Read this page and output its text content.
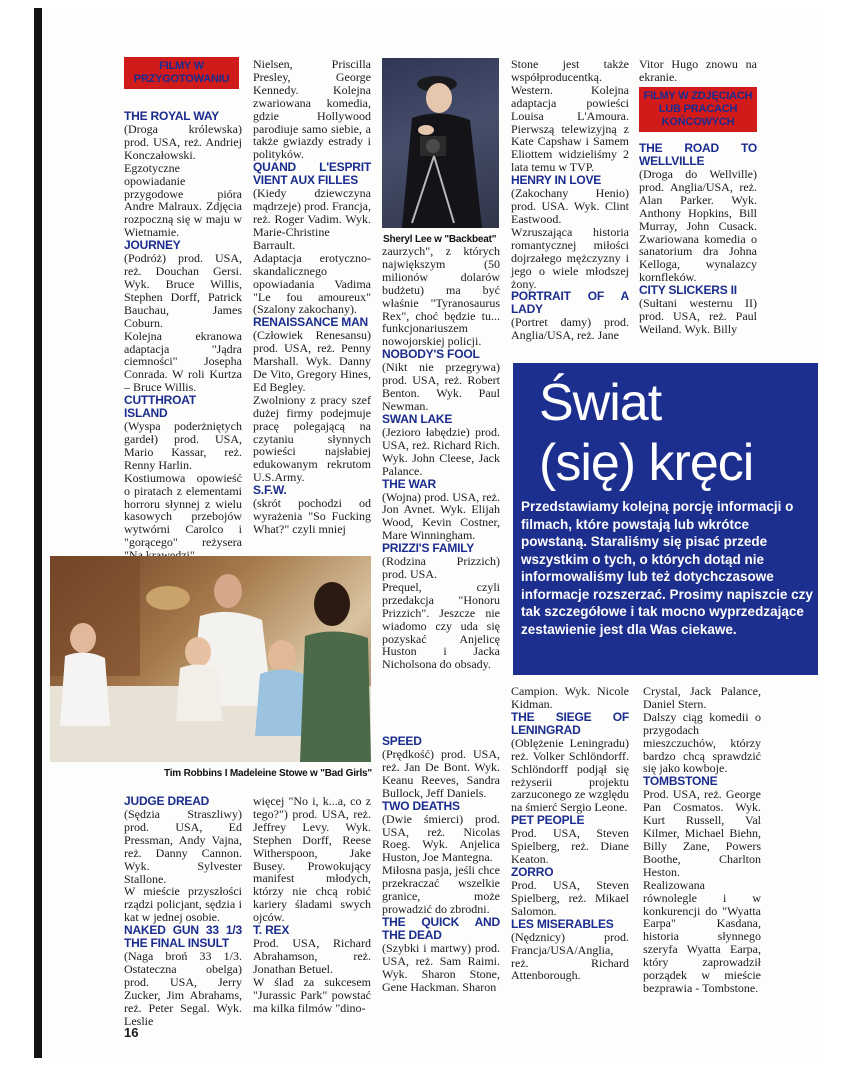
FILMY W PRZYGOTOWANIU
FILMY W ZDJĘCIACH LUB PRACACH KOŃCOWYCH

THE ROYAL WAY

(Droga królewska) prod. USA, reż. Andriej Konczałowski. Egzotyczne opowiadanie przygodowe pióra Andre Malraux. Zdjęcia rozpoczną się w maju w Wietnamie.

JOURNEY

(Podróż) prod. USA, reż. Douchan Gersi. Wyk. Bruce Willis, Stephen Dorff, Patrick Bauchau, James Coburn.

Kolejna ekranowa adaptacja "Jądra ciemności" Josepha Conrada. W roli Kurtza – Bruce Willis.

CUTTHROAT ISLAND

(Wyspa poderżniętych gardeł) prod. USA, Mario Kassar, reż. Renny Harlin.

Kostiumowa opowieść o piratach z elementami horroru słynnej z wielu kasowych przebojów wytwórni Carolco i "gorącego" reżysera

Nielsen, Priscilla Presley, George Kennedy. Kolejna zwariowana komedia, gdzie Hollywood parodiuje samo siebie, a także gwiazdy estrady i polityków.

QUAND L'ESPRIT VIENT AUX FILLES

(Kiedy dziewczyna mądrzeje) prod. Francja, reż. Roger Vadim. Wyk. Marie-Christine Barrault.

Adaptacja erotyczno-skandalicznego opowiadania Vadima "Le fou amoureux" (Szalony zakochany).

RENAISSANCE MAN

(Człowiek Renesansu) prod. USA, reż. Penny Marshall. Wyk. Danny De Vito, Gregory Hines, Ed Begley.

Zwolniony z pracy szef dużej firmy podejmuje pracę polegającą na czytaniu słynnych powieści najsłabiej edukowanym rekrutom U.S.Army.

S.F.W.

(skrót pochodzi od wyrażenia "So Fucking What?" czyli mniej

Sheryl Lee w "Backbeat"

zaurzych", z których największym (50 milionów dolarów budżetu) ma być właśnie "Tyranosaurus Rex", choć będzie tu... funkcjonariuszem nowojorskiej policji.

NOBODY'S FOOL

(Nikt nie przegrywa) prod. USA, reż. Robert Benton. Wyk. Paul Newman.

SWAN LAKE

(Jezioro łabędzie) prod. USA, reż. Richard Rich. Wyk. John Cleese, Jack Palance.

THE WAR

(Wojna) prod. USA, reż. Jon Avnet. Wyk. Elijah Wood, Kevin Costner, Mare Winningham.

PRIZZI'S FAMILY

(Rodzina Prizzich) prod. USA.

Prequel, czyli przedakcja "Honoru Prizzich". Jeszcze nie wiadomo czy uda się pozyskać Anjelicę Huston i Jacka Nicholsona do obsady.

Stone jest także współproducentką.

Western. Kolejna adaptacja powieści Louisa L'Amoura. Pierwszą telewizyjną z Kate Capshaw i Samem Eliottem widzieliśmy 2 lata temu w TVP.

HENRY IN LOVE

(Zakochany Henio) prod. USA. Wyk. Clint Eastwood.

Wzruszająca historia romantycznej miłości dojrzałego mężczyzny i jego o wiele młodszej żony.

PORTRAIT OF A LADY

(Portret damy) prod. Anglia/USA, reż. Jane

Vitor Hugo znowu na ekranie.

THE ROAD TO WELLVILLE

(Droga do Wellville) prod. Anglia/USA, reż. Alan Parker. Wyk. Anthony Hopkins, Bill Murray, John Cusack. Zwariowana komedia o sanatorium dra Johna Kelloga, wynalazcy kornfleków.

CITY SLICKERS II

(Sułtani westernu II) prod. USA, reż. Paul Weiland. Wyk. Billy

Świat
(się) kręci
Przedstawiamy kolejną porcję informacji o filmach, które powstają lub wkrótce powstaną. Staraliśmy się pisać przede wszystkim o tych, o których dotąd nie informowaliśmy lub też dotychczasowe informacje rozszerzać. Prosimy napiszcie czy tak szczegółowe i tak mocno wyprzedzające zestawienie jest dla Was ciekawe.
Tim Robbins I Madeleine Stowe w "Bad Girls"

JUDGE DREAD

(Sędzia Straszliwy) prod. USA, Ed Pressman, Andy Vajna, reż. Danny Cannon. Wyk. Sylvester Stallone.

W mieście przyszłości rządzi policjant, sędzia i kat w jednej osobie.

NAKED GUN 33 1/3 THE FINAL INSULT

(Naga broń 33 1/3. Ostateczna obelga) prod. USA, Jerry Zucker, Jim Abrahams, reż. Peter Segal. Wyk. Leslie

więcej "No i, k...a, co z tego?") prod. USA, reż. Jeffrey Levy. Wyk. Stephen Dorff, Reese Witherspoon, Jake Busey. Prowokujący manifest młodych, którzy nie chcą robić kariery śladami swych ojców.

T. REX

Prod. USA, Richard Abrahamson, reż. Jonathan Betuel.

W ślad za sukcesem "Jurassic Park" powstać ma kilka filmów "dino-

SPEED

(Prędkość) prod. USA, reż. Jan De Bont. Wyk. Keanu Reeves, Sandra Bullock, Jeff Daniels.

TWO DEATHS

(Dwie śmierci) prod. USA, reż. Nicolas Roeg. Wyk. Anjelica Huston, Joe Mantegna.

Miłosna pasja, jeśli chce przekraczać wszelkie granice, może prowadzić do zbrodni.

THE QUICK AND THE DEAD

(Szybki i martwy) prod. USA, reż. Sam Raimi. Wyk. Sharon Stone, Gene Hackman. Sharon

Campion. Wyk. Nicole Kidman.

THE SIEGE OF LENINGRAD

(Oblężenie Leningradu) reż. Volker Schlöndorff. Schlöndorff podjął się reżyserii projektu zarzuconego ze względu na śmierć Sergio Leone.

PET PEOPLE

Prod. USA, Steven Spielberg, reż. Diane Keaton.

ZORRO

Prod. USA, Steven Spielberg, reż. Mikael Salomon.

LES MISERABLES

(Nędznicy) prod. Francja/USA/Anglia, reż. Richard Attenborough.

Crystal, Jack Palance, Daniel Stern.

Dalszy ciąg komedii o przygodach mieszczuchów, którzy bardzo chcą sprawdzić się jako kowboje.

TOMBSTONE

Prod. USA, reż. George Pan Cosmatos. Wyk. Kurt Russell, Val Kilmer, Michael Biehn, Billy Zane, Powers Boothe, Charlton Heston.

Realizowana równolegle i w konkurencji do "Wyatta Earpa" Kasdana, historia słynnego szeryfa Wyatta Earpa, który zaprowadził porządek w mieście bezprawia - Tombstone.

16
